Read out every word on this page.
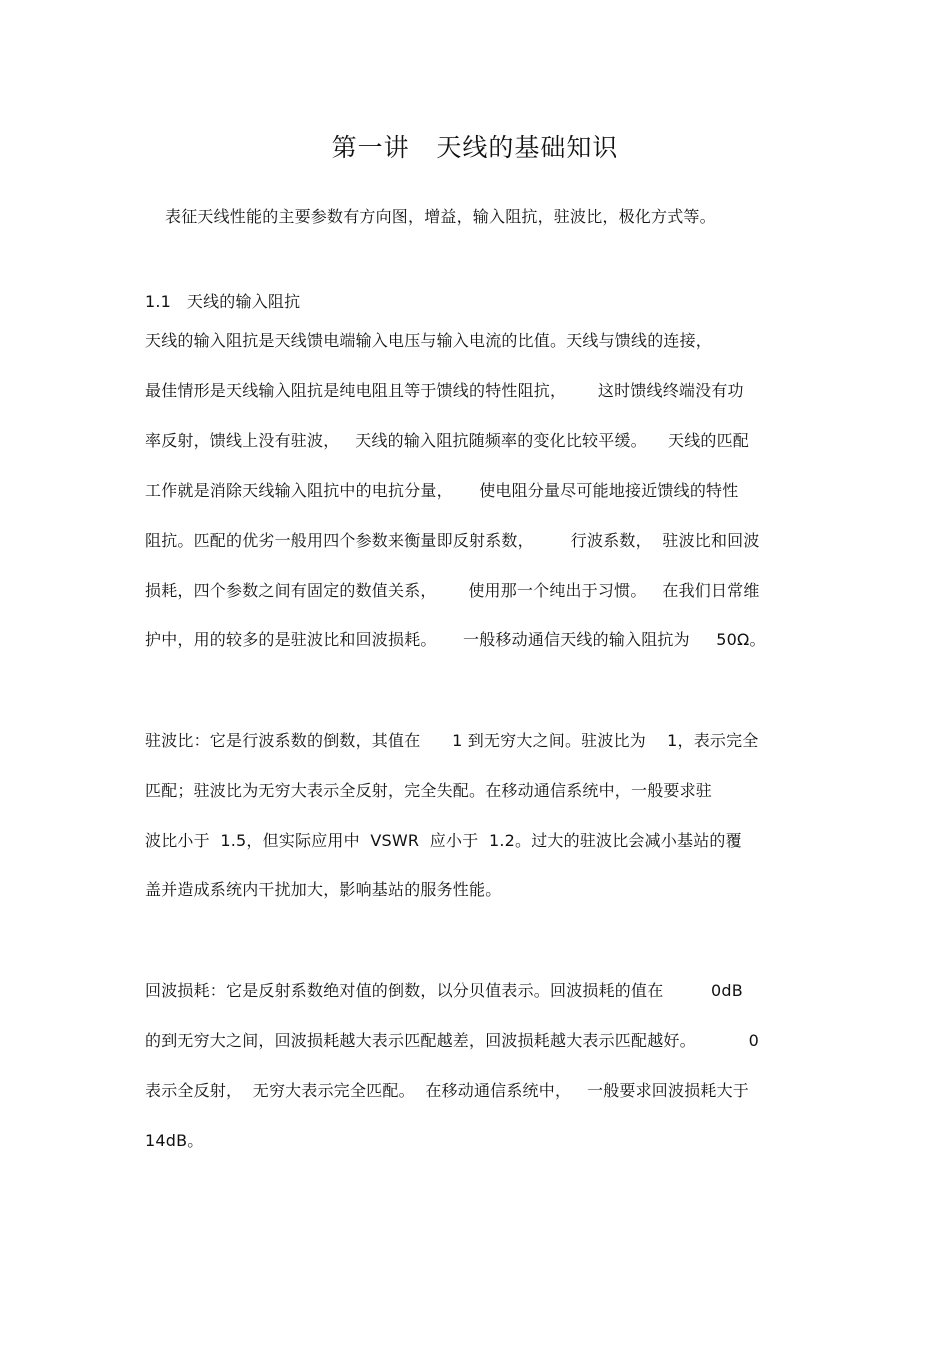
第一讲   天线的基础知识
表征天线性能的主要参数有方向图，增益，输入阻抗，驻波比，极化方式等。
1.1   天线的输入阻抗
天线的输入阻抗是天线馈电端输入电压与输入电流的比值。天线与馈线的连接，
最佳情形是天线输入阻抗是纯电阻且等于馈线的特性阻抗，      这时馈线终端没有功
率反射，馈线上没有驻波，   天线的输入阻抗随频率的变化比较平缓。    天线的匹配
工作就是消除天线输入阻抗中的电抗分量，     使电阻分量尽可能地接近馈线的特性
阻抗。匹配的优劣一般用四个参数来衡量即反射系数，       行波系数，  驻波比和回波
损耗，四个参数之间有固定的数值关系，      使用那一个纯出于习惯。   在我们日常维
护中，用的较多的是驻波比和回波损耗。     一般移动通信天线的输入阻抗为     50Ω。
驻波比：它是行波系数的倒数，其值在      1 到无穷大之间。驻波比为    1，表示完全
匹配；驻波比为无穷大表示全反射，完全失配。在移动通信系统中，一般要求驻
波比小于  1.5，但实际应用中  VSWR  应小于  1.2。过大的驻波比会减小基站的覆
盖并造成系统内干扰加大，影响基站的服务性能。
回波损耗：它是反射系数绝对值的倒数，以分贝值表示。回波损耗的值在         0dB
的到无穷大之间，回波损耗越大表示匹配越差，回波损耗越大表示匹配越好。          0
表示全反射，  无穷大表示完全匹配。  在移动通信系统中，   一般要求回波损耗大于
14dB。
